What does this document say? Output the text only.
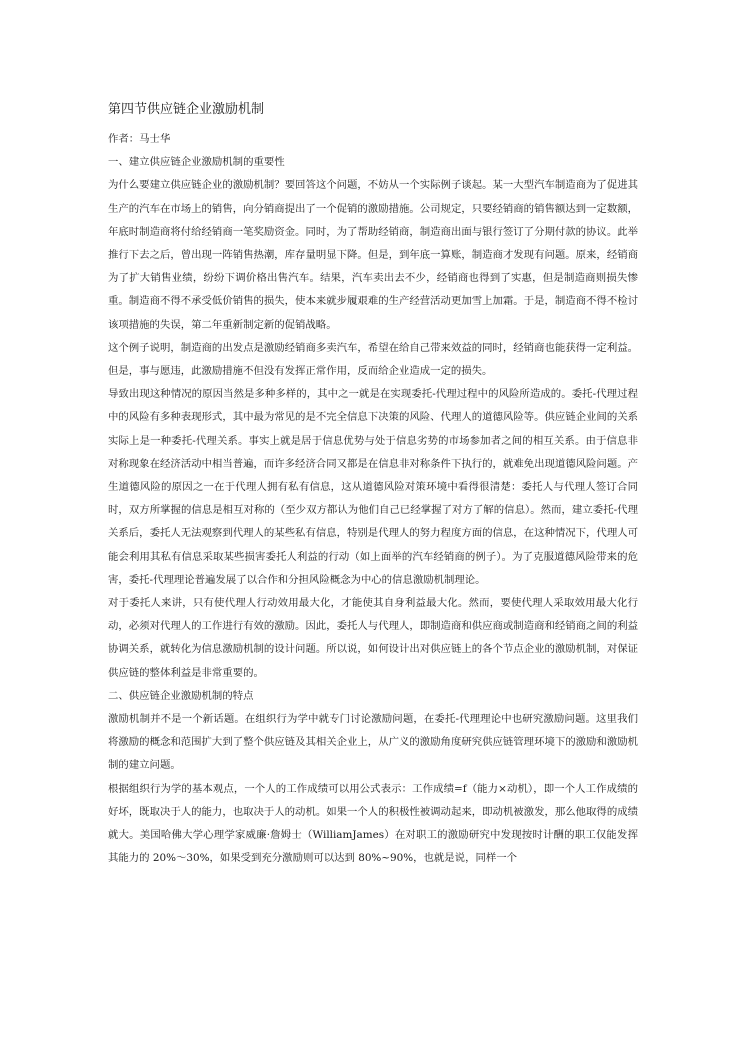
第四节供应链企业激励机制

作者：马士华

一、建立供应链企业激励机制的重要性

为什么要建立供应链企业的激励机制？要回答这个问题，不妨从一个实际例子谈起。某一大型汽车制造商为了促进其生产的汽车在市场上的销售，向分销商提出了一个促销的激励措施。公司规定，只要经销商的销售额达到一定数额，年底时制造商将付给经销商一笔奖励资金。同时，为了帮助经销商，制造商出面与银行签订了分期付款的协议。此举推行下去之后，曾出现一阵销售热潮，库存量明显下降。但是，到年底一算账，制造商才发现有问题。原来，经销商为了扩大销售业绩，纷纷下调价格出售汽车。结果，汽车卖出去不少，经销商也得到了实惠，但是制造商则损失惨重。制造商不得不承受低价销售的损失，使本来就步履艰难的生产经营活动更加雪上加霜。于是，制造商不得不检讨该项措施的失误，第二年重新制定新的促销战略。

这个例子说明，制造商的出发点是激励经销商多卖汽车，希望在给自己带来效益的同时，经销商也能获得一定利益。但是，事与愿违，此激励措施不但没有发挥正常作用，反而给企业造成一定的损失。

导致出现这种情况的原因当然是多种多样的，其中之一就是在实现委托-代理过程中的风险所造成的。委托-代理过程中的风险有多种表现形式，其中最为常见的是不完全信息下决策的风险、代理人的道德风险等。供应链企业间的关系实际上是一种委托-代理关系。事实上就是居于信息优势与处于信息劣势的市场参加者之间的相互关系。由于信息非对称现象在经济活动中相当普遍，而许多经济合同又都是在信息非对称条件下执行的，就难免出现道德风险问题。产生道德风险的原因之一在于代理人拥有私有信息，这从道德风险对策环境中看得很清楚：委托人与代理人签订合同时，双方所掌握的信息是相互对称的（至少双方都认为他们自己已经掌握了对方了解的信息）。然而，建立委托-代理关系后，委托人无法观察到代理人的某些私有信息，特别是代理人的努力程度方面的信息，在这种情况下，代理人可能会利用其私有信息采取某些损害委托人利益的行动（如上面举的汽车经销商的例子）。为了克服道德风险带来的危害，委托-代理理论普遍发展了以合作和分担风险概念为中心的信息激励机制理论。

对于委托人来讲，只有使代理人行动效用最大化，才能使其自身利益最大化。然而，要使代理人采取效用最大化行动，必须对代理人的工作进行有效的激励。因此，委托人与代理人，即制造商和供应商或制造商和经销商之间的利益协调关系，就转化为信息激励机制的设计问题。所以说，如何设计出对供应链上的各个节点企业的激励机制，对保证供应链的整体利益是非常重要的。

二、供应链企业激励机制的特点

激励机制并不是一个新话题。在组织行为学中就专门讨论激励问题，在委托-代理理论中也研究激励问题。这里我们将激励的概念和范围扩大到了整个供应链及其相关企业上，从广义的激励角度研究供应链管理环境下的激励和激励机制的建立问题。

根据组织行为学的基本观点，一个人的工作成绩可以用公式表示：工作成绩=f（能力×动机），即一个人工作成绩的好坏，既取决于人的能力，也取决于人的动机。如果一个人的积极性被调动起来，即动机被激发，那么他取得的成绩就大。美国哈佛大学心理学家威廉·詹姆士（WilliamJames）在对职工的激励研究中发现按时计酬的职工仅能发挥其能力的 20%～30%，如果受到充分激励则可以达到 80%~90%，也就是说，同样一个
